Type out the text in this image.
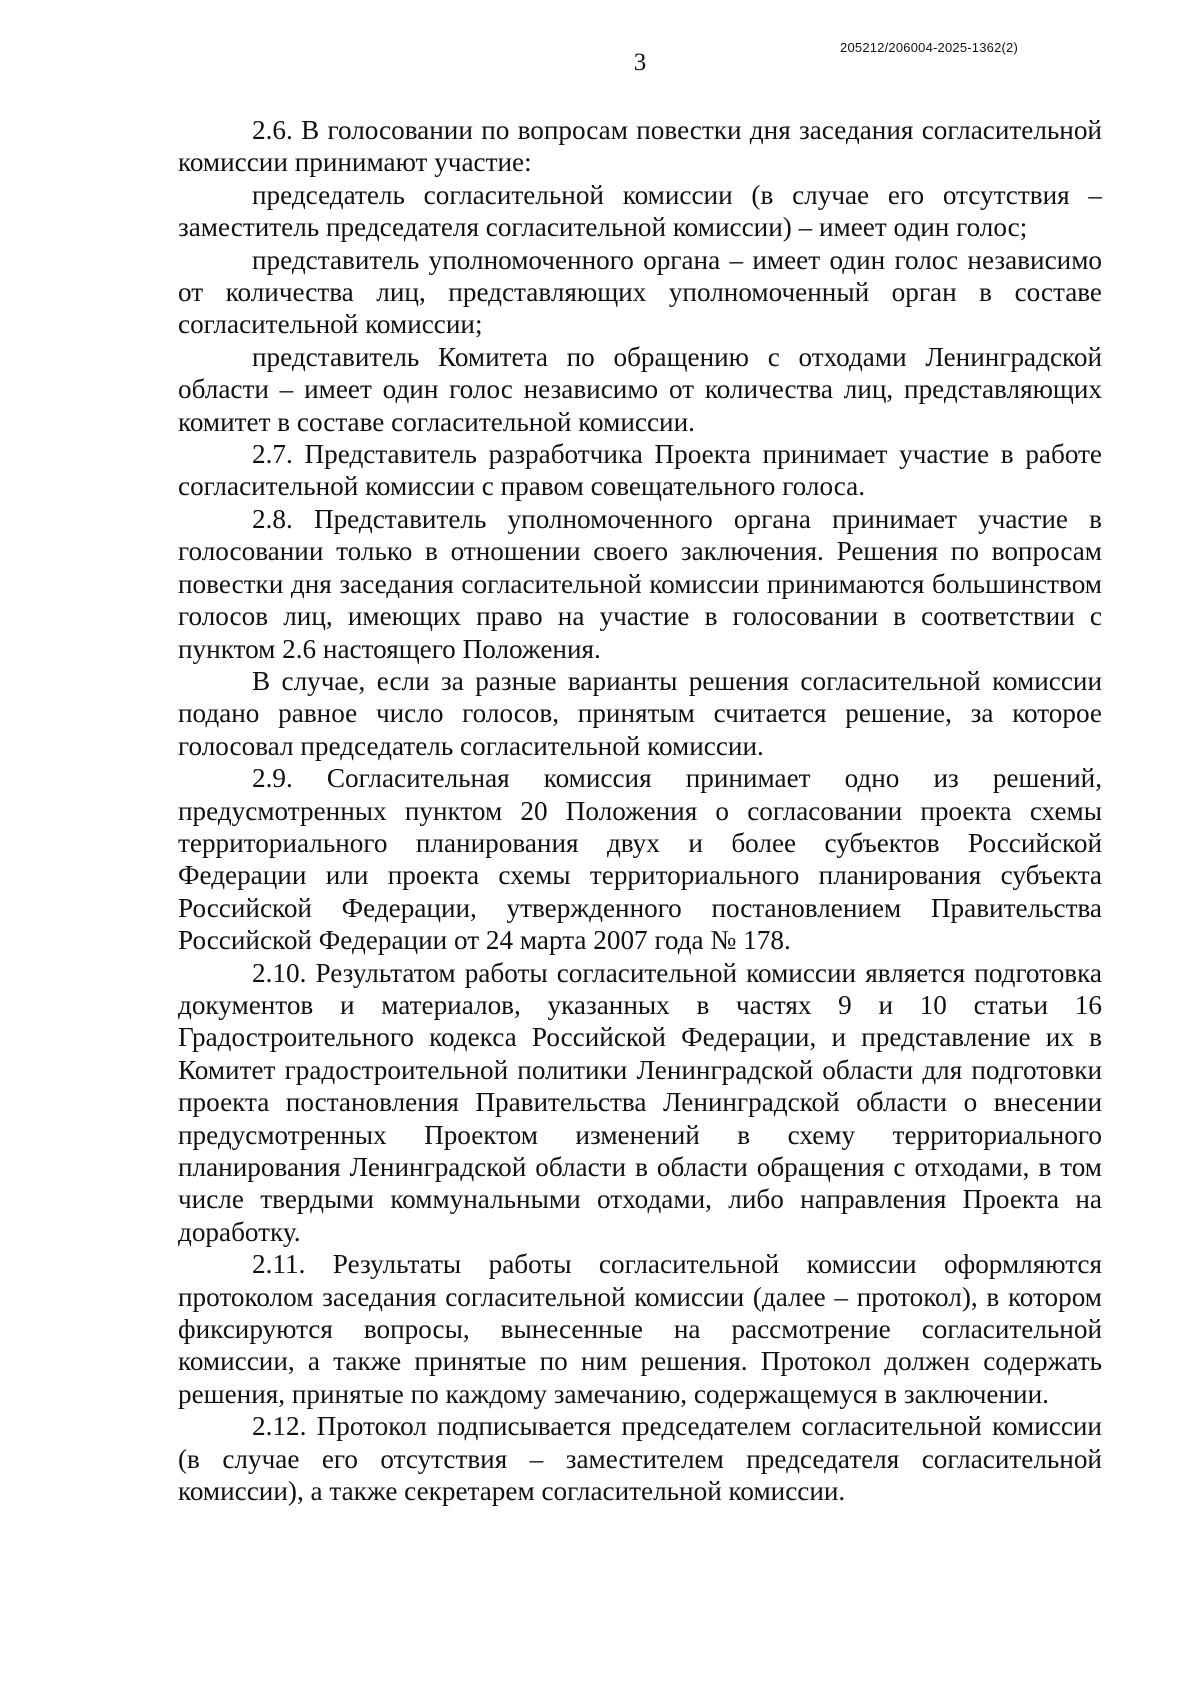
3
205212/206004-2025-1362(2)

2.6. В голосовании по вопросам повестки дня заседания согласительной комиссии принимают участие:

председатель согласительной комиссии (в случае его отсутствия – заместитель председателя согласительной комиссии) – имеет один голос;

представитель уполномоченного органа – имеет один голос независимо от количества лиц, представляющих уполномоченный орган в составе согласительной комиссии;

представитель Комитета по обращению с отходами Ленинградской области – имеет один голос независимо от количества лиц, представляющих комитет в составе согласительной комиссии.

2.7. Представитель разработчика Проекта принимает участие в работе согласительной комиссии с правом совещательного голоса.

2.8. Представитель уполномоченного органа принимает участие в голосовании только в отношении своего заключения. Решения по вопросам повестки дня заседания согласительной комиссии принимаются большинством голосов лиц, имеющих право на участие в голосовании в соответствии с пунктом 2.6 настоящего Положения.

В случае, если за разные варианты решения согласительной комиссии подано равное число голосов, принятым считается решение, за которое голосовал председатель согласительной комиссии.

2.9. Согласительная комиссия принимает одно из решений, предусмотренных пунктом 20 Положения о согласовании проекта схемы территориального планирования двух и более субъектов Российской Федерации или проекта схемы территориального планирования субъекта Российской Федерации, утвержденного постановлением Правительства Российской Федерации от 24 марта 2007 года № 178.

2.10. Результатом работы согласительной комиссии является подготовка документов и материалов, указанных в частях 9 и 10 статьи 16 Градостроительного кодекса Российской Федерации, и представление их в Комитет градостроительной политики Ленинградской области для подготовки проекта постановления Правительства Ленинградской области о внесении предусмотренных Проектом изменений в схему территориального планирования Ленинградской области в области обращения с отходами, в том числе твердыми коммунальными отходами, либо направления Проекта на доработку.

2.11. Результаты работы согласительной комиссии оформляются протоколом заседания согласительной комиссии (далее – протокол), в котором фиксируются вопросы, вынесенные на рассмотрение согласительной комиссии, а также принятые по ним решения. Протокол должен содержать решения, принятые по каждому замечанию, содержащемуся в заключении.

2.12. Протокол подписывается председателем согласительной комиссии (в случае его отсутствия – заместителем председателя согласительной комиссии), а также секретарем согласительной комиссии.
